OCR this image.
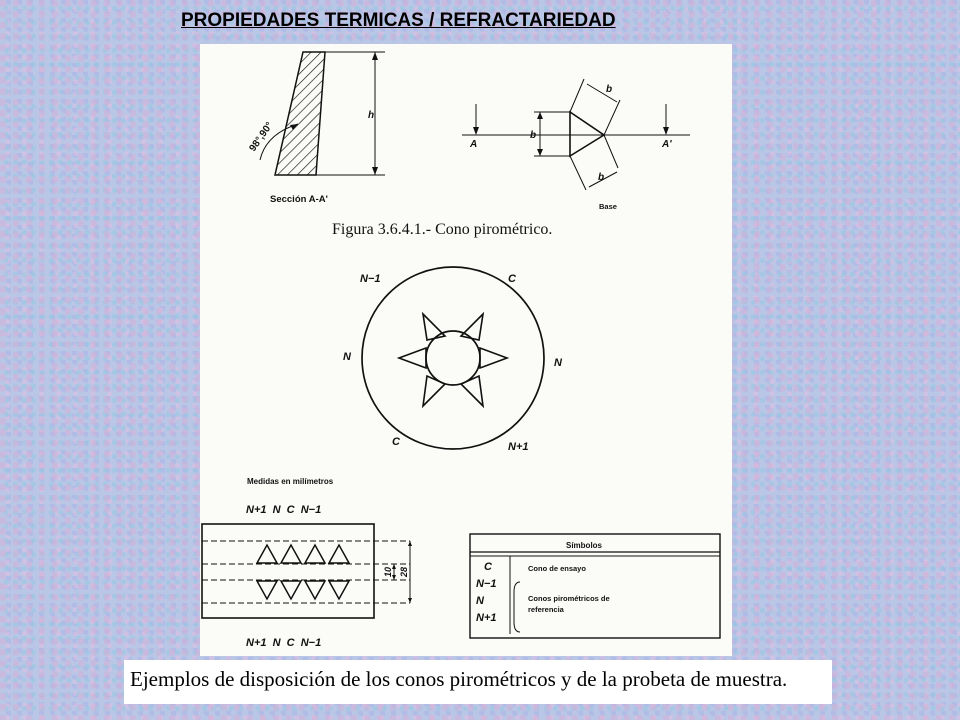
PROPIEDADES TERMICAS / REFRACTARIEDAD
h
98°,90°
Sección A-A'
A	A'
b
b
b
Base
Figura 3.6.4.1.- Cono pirométrico.
N−1	C
N	N
C	N+1
Medidas en milímetros
N+1  N  C  N−1
10 28
N+1  N  C  N−1
Símbolos
C
N−1
N
N+1
Cono de ensayo
Conos pirométricos de
referencia
Ejemplos de disposición de los conos pirométricos y de la probeta de muestra.
